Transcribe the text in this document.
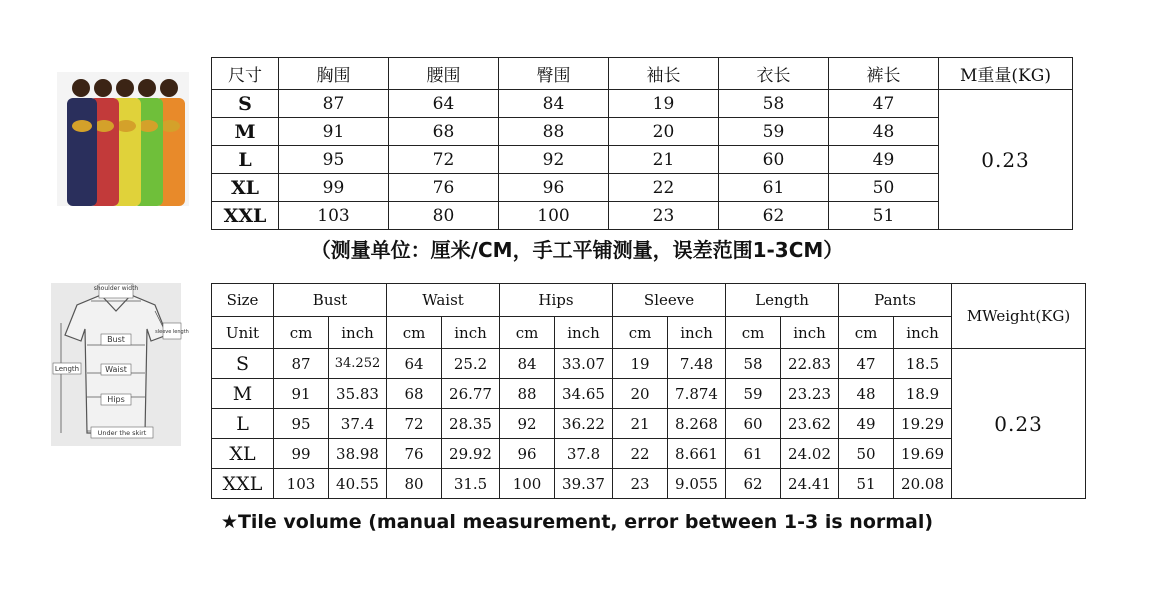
shoulder width
sleeve length
Bust
Waist
Hips
Length
Under the skirt
尺寸	胸围	腰围	臀围	袖长	衣长	裤长	M重量(KG)
S	87	64	84	19	58	47	0.23
M	91	68	88	20	59	48	
L	95	72	92	21	60	49	
XL	99	76	96	22	61	50	
XXL	103	80	100	23	62	51	
（测量单位：厘米/CM，手工平铺测量，误差范围1-3CM）
Size	Bust		Waist		Hips		Sleeve		Length		Pants		MWeight(KG)
Unit	cm	inch	cm	inch	cm	inch	cm	inch	cm	inch	cm	inch	
S	87	34.252	64	25.2	84	33.07	19	7.48	58	22.83	47	18.5	0.23
M	91	35.83	68	26.77	88	34.65	20	7.874	59	23.23	48	18.9	
L	95	37.4	72	28.35	92	36.22	21	8.268	60	23.62	49	19.29	
XL	99	38.98	76	29.92	96	37.8	22	8.661	61	24.02	50	19.69	
XXL	103	40.55	80	31.5	100	39.37	23	9.055	62	24.41	51	20.08	
★Tile volume (manual measurement, error between 1-3 is normal)
